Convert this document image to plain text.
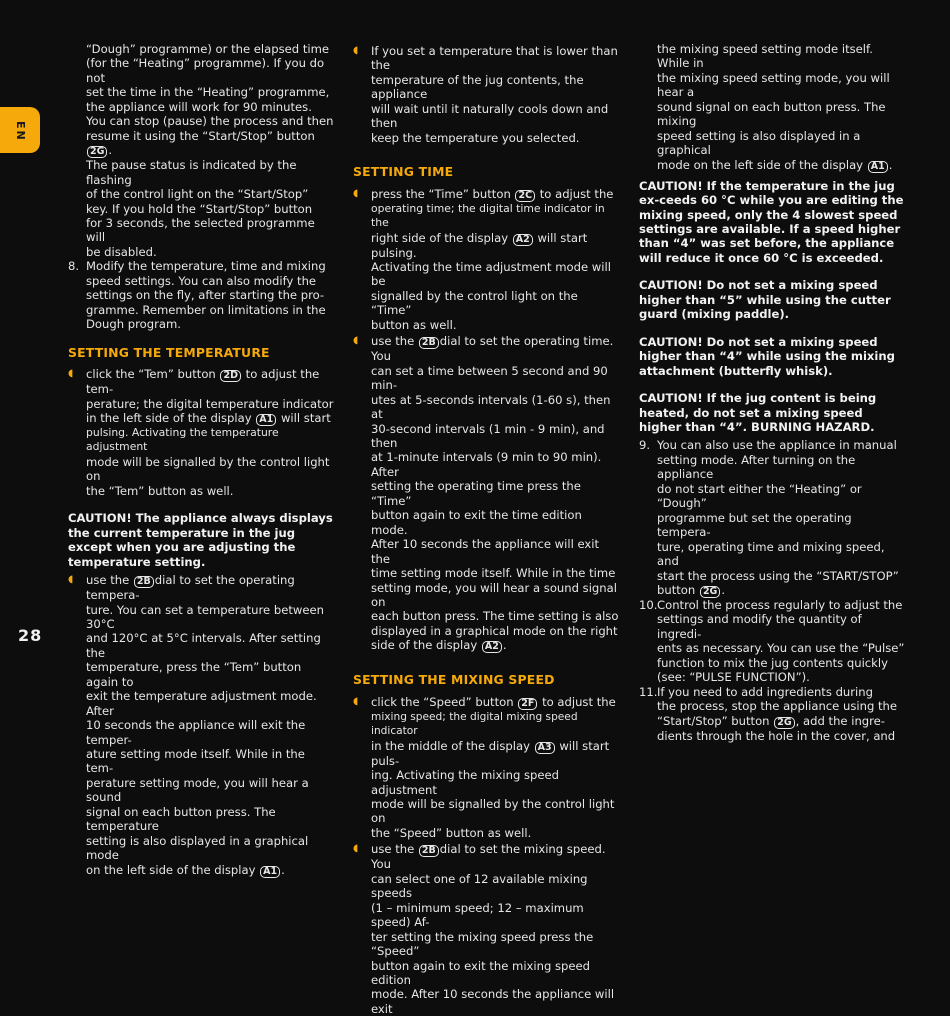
EN

“Dough” programme) or the elapsed time

(for the “Heating” programme). If you do not

set the time in the “Heating” programme,

the appliance will work for 90 minutes.

You can stop (pause) the process and then

resume it using the “Start/Stop” button 2G .

The pause status is indicated by the flashing

of the control light on the “Start/Stop”

key. If you hold the “Start/Stop” button

for 3 seconds, the selected programme will

be disabled.

8. Modify the temperature, time and mixing

speed settings. You can also modify the

settings on the fly, after starting the pro-

gramme. Remember on limitations in the

Dough program.

SETTING THE TEMPERATURE
◖ click the “Tem” button 2D to adjust the tem-

perature; the digital temperature indicator

in the left side of the display A1 will start

pulsing. Activating the temperature adjustment

mode will be signalled by the control light on

the “Tem” button as well.

CAUTION! The appliance always displays the current temperature in the jug except when you are adjusting the temperature setting.

◖ use the 2B dial to set the operating tempera-

ture. You can set a temperature between 30°C

and 120°C at 5°C intervals. After setting the

temperature, press the “Tem” button again to

exit the temperature adjustment mode. After

10 seconds the appliance will exit the temper-

ature setting mode itself. While in the tem-

perature setting mode, you will hear a sound

signal on each button press. The temperature

setting is also displayed in a graphical mode

on the left side of the display A1 .

◖ If you set a temperature that is lower than the

temperature of the jug contents, the appliance

will wait until it naturally cools down and then

keep the temperature you selected.

SETTING TIME
◖ press the “Time” button 2C to adjust the

operating time; the digital time indicator in the

right side of the display A2 will start pulsing.

Activating the time adjustment mode will be

signalled by the control light on the “Time”

button as well.

◖ use the 2B dial to set the operating time. You

can set a time between 5 second and 90 min-

utes at 5-seconds intervals (1-60 s), then at

30-second intervals (1 min - 9 min), and then

at 1-minute intervals (9 min to 90 min). After

setting the operating time press the “Time”

button again to exit the time edition mode.

After 10 seconds the appliance will exit the

time setting mode itself. While in the time

setting mode, you will hear a sound signal on

each button press. The time setting is also

displayed in a graphical mode on the right

side of the display A2 .

SETTING THE MIXING SPEED
◖ click the “Speed” button 2F to adjust the

mixing speed; the digital mixing speed indicator

in the middle of the display A3 will start puls-

ing. Activating the mixing speed adjustment

mode will be signalled by the control light on

the “Speed” button as well.

◖ use the 2B dial to set the mixing speed. You

can select one of 12 available mixing speeds

(1 – minimum speed; 12 – maximum speed) Af-

ter setting the mixing speed press the “Speed”

button again to exit the mixing speed edition

mode. After 10 seconds the appliance will exit

the mixing speed setting mode itself. While in

the mixing speed setting mode, you will hear a

sound signal on each button press. The mixing

speed setting is also displayed in a graphical

mode on the left side of the display A1 .

CAUTION! If the temperature in the jug ex-ceeds 60 °C while you are editing the mixing speed, only the 4 slowest speed settings are available. If a speed higher than “4” was set before, the appliance will reduce it once 60 °C is exceeded.

CAUTION! Do not set a mixing speed higher than “5” while using the cutter guard (mixing paddle).

CAUTION! Do not set a mixing speed higher than “4” while using the mixing attachment (butterfly whisk).

CAUTION! If the jug content is being heated, do not set a mixing speed higher than “4”. BURNING HAZARD.

9. You can also use the appliance in manual

setting mode. After turning on the appliance

do not start either the “Heating” or “Dough”

programme but set the operating tempera-

ture, operating time and mixing speed, and

start the process using the “START/STOP”

button 2G .

10. Control the process regularly to adjust the

settings and modify the quantity of ingredi-

ents as necessary. You can use the “Pulse”

function to mix the jug contents quickly

(see: “PULSE FUNCTION”).

11. If you need to add ingredients during

the process, stop the appliance using the

“Start/Stop” button 2G , add the ingre-

dients through the hole in the cover, and

28
